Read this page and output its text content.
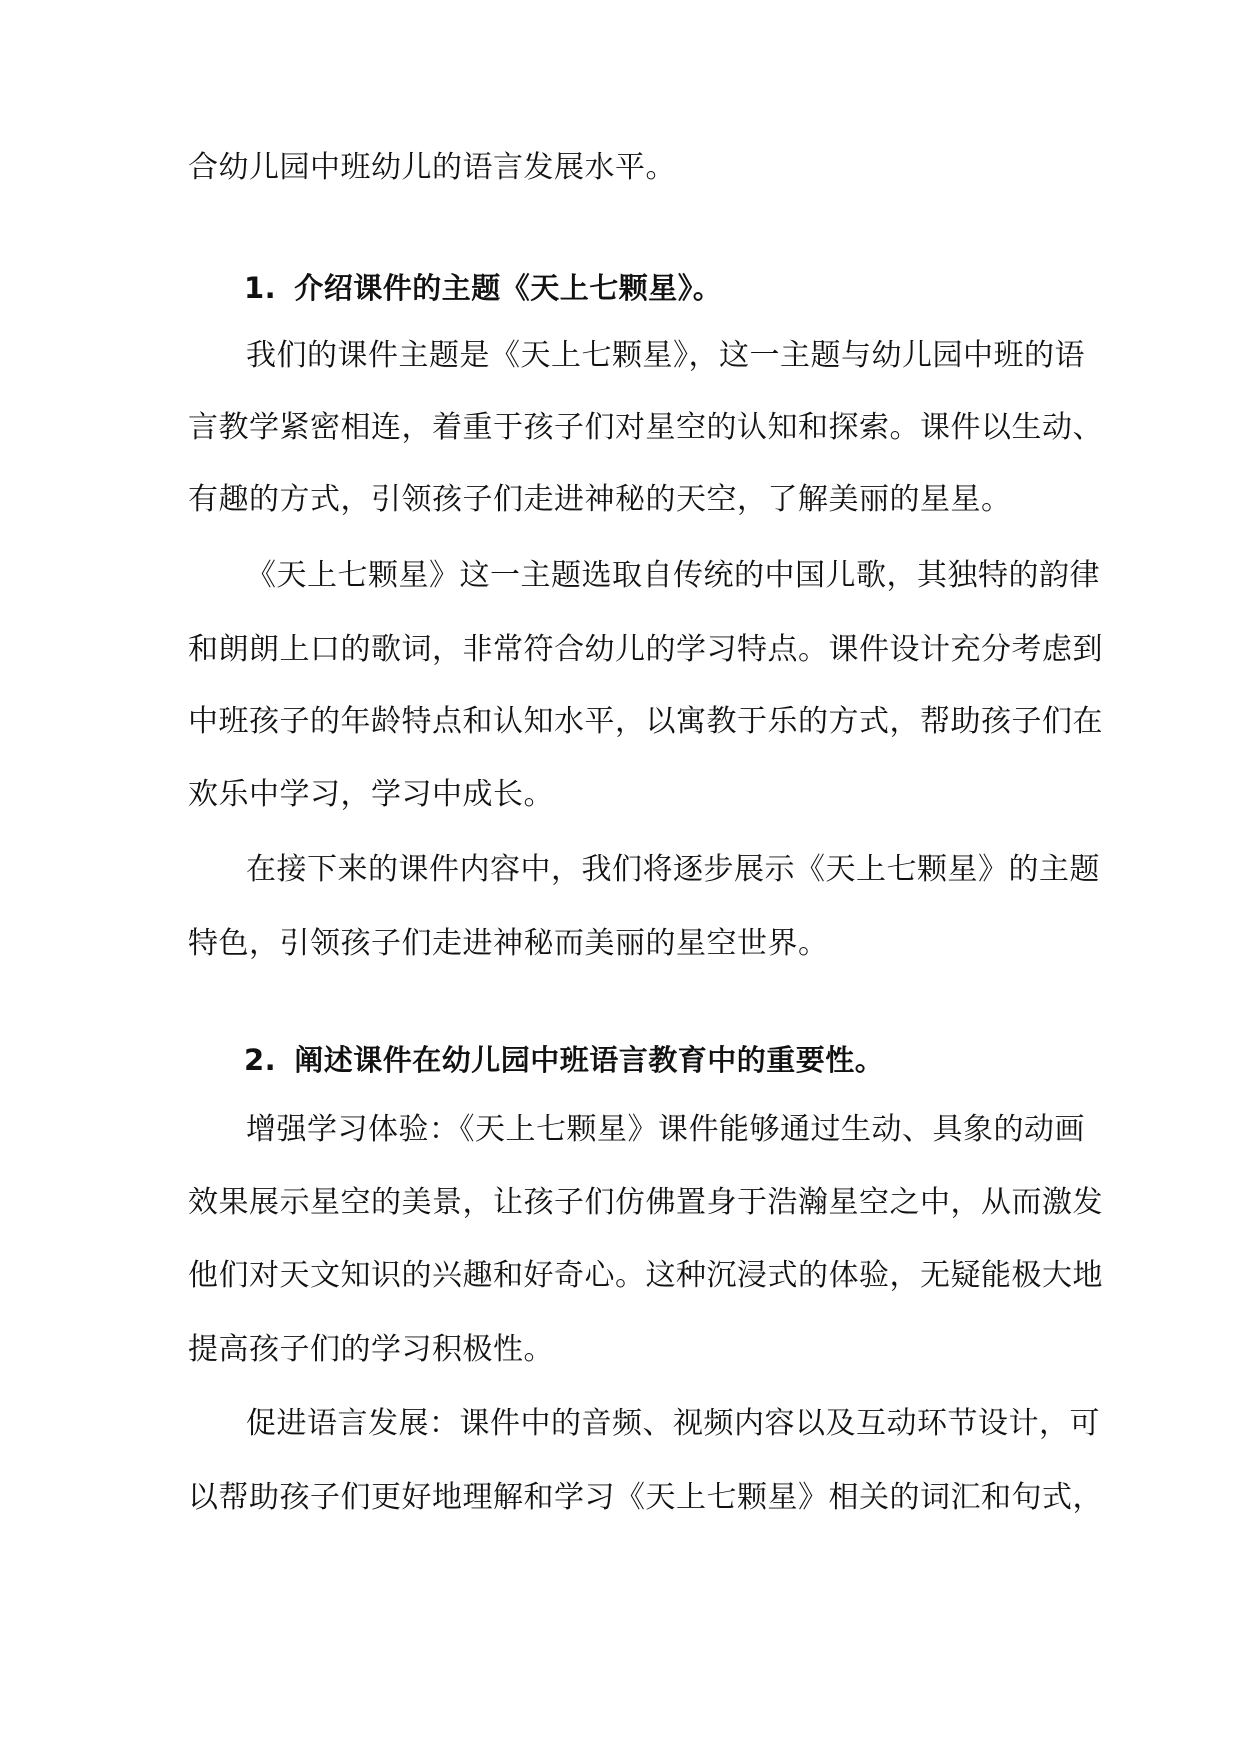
合幼儿园中班幼儿的语言发展水平。
1. 介绍课件的主题《天上七颗星》。
我们的课件主题是《天上七颗星》，这一主题与幼儿园中班的语
言教学紧密相连，着重于孩子们对星空的认知和探索。课件以生动、
有趣的方式，引领孩子们走进神秘的天空，了解美丽的星星。
《天上七颗星》这一主题选取自传统的中国儿歌，其独特的韵律
和朗朗上口的歌词，非常符合幼儿的学习特点。课件设计充分考虑到
中班孩子的年龄特点和认知水平，以寓教于乐的方式，帮助孩子们在
欢乐中学习，学习中成长。
在接下来的课件内容中，我们将逐步展示《天上七颗星》的主题
特色，引领孩子们走进神秘而美丽的星空世界。
2. 阐述课件在幼儿园中班语言教育中的重要性。
增强学习体验：《天上七颗星》课件能够通过生动、具象的动画
效果展示星空的美景，让孩子们仿佛置身于浩瀚星空之中，从而激发
他们对天文知识的兴趣和好奇心。这种沉浸式的体验，无疑能极大地
提高孩子们的学习积极性。
促进语言发展：课件中的音频、视频内容以及互动环节设计，可
以帮助孩子们更好地理解和学习《天上七颗星》相关的词汇和句式，
